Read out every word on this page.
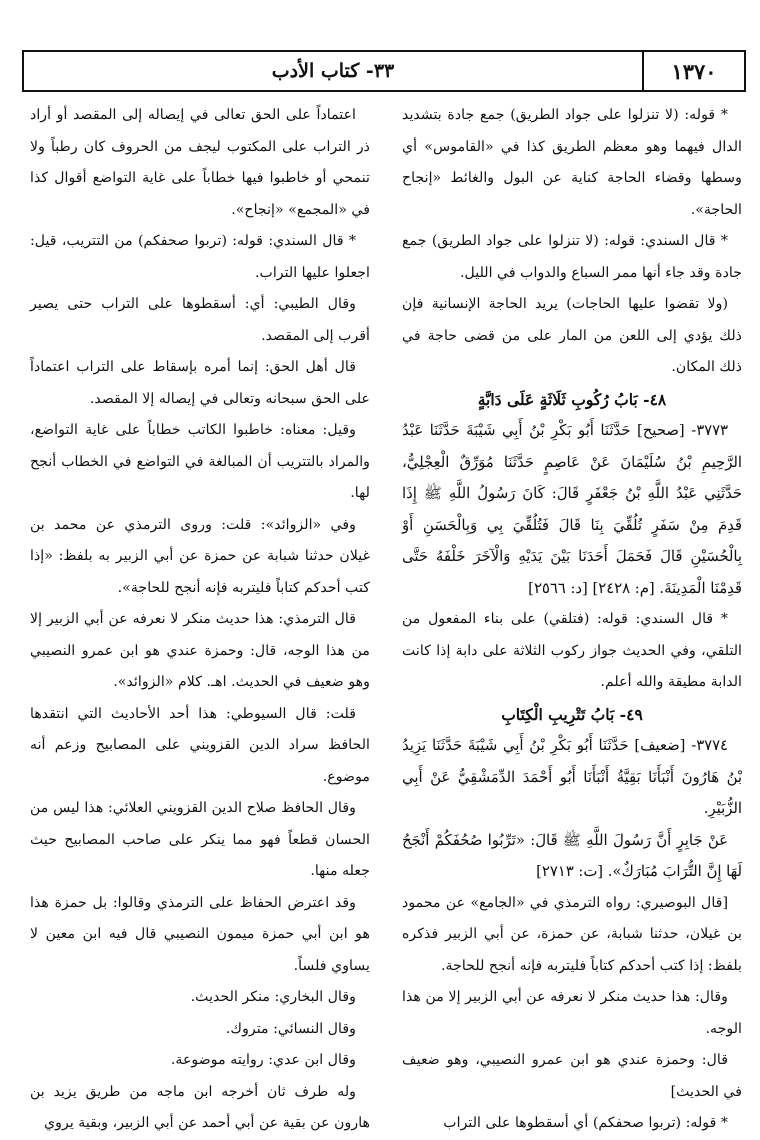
٣٣- كتاب الأدب	١٣٧٠

* قوله: (لا تنزلوا على جواد الطريق) جمع جادة بتشديد الدال فيهما وهو معظم الطريق كذا في «القاموس» أي وسطها وقضاء الحاجة كناية عن البول والغائط «إنجاح الحاجة».

* قال السندي: قوله: (لا تنزلوا على جواد الطريق) جمع جادة وقد جاء أنها ممر السباع والدواب في الليل.

(ولا تقضوا عليها الحاجات) يريد الحاجة الإنسانية فإن ذلك يؤدي إلى اللعن من المار على من قضى حاجة في ذلك المكان.

٤٨- بَابُ رُكُوبِ ثَلَاثَةٍ عَلَى دَابَّةٍ

٣٧٧٣- [صحيح] حَدَّثَنَا أَبُو بَكْرِ بْنُ أَبِي شَيْبَةَ حَدَّثَنَا عَبْدُ الرَّحِيمِ بْنُ سُلَيْمَانَ عَنْ عَاصِمٍ حَدَّثَنَا مُوَرِّقٌ الْعِجْلِيُّ، حَدَّثَنِي عَبْدُ اللَّهِ بْنُ جَعْفَرٍ قَالَ: كَانَ رَسُولُ اللَّهِ ﷺ إِذَا قَدِمَ مِنْ سَفَرٍ تُلُقِّيَ بِنَا قَالَ فَتُلُقِّيَ بِي وَبِالْحَسَنِ أَوْ بِالْحُسَيْنِ قَالَ فَحَمَلَ أَحَدَنَا بَيْنَ يَدَيْهِ وَالْآخَرَ خَلْفَهُ حَتَّى قَدِمْنَا الْمَدِينَةَ. [م: ٢٤٢٨] [د: ٢٥٦٦]

* قال السندي: قوله: (فتلقي) على بناء المفعول من التلقي، وفي الحديث جواز ركوب الثلاثة على دابة إذا كانت الدابة مطيقة والله أعلم.

٤٩- بَابُ تَتْرِيبِ الْكِتَابِ

٣٧٧٤- [ضعيف] حَدَّثَنَا أَبُو بَكْرِ بْنُ أَبِي شَيْبَةَ حَدَّثَنَا يَزِيدُ بْنُ هَارُونَ أَنْبَأَنَا بَقِيَّةُ أَنْبَأَنَا أَبُو أَحْمَدَ الدِّمَشْقِيُّ عَنْ أَبِي الزُّبَيْرِ.

عَنْ جَابِرٍ أَنَّ رَسُولَ اللَّهِ ﷺ قَالَ: «تَرِّبُوا صُحُفَكُمْ أَنْجَحُ لَهَا إِنَّ التُّرَابَ مُبَارَكٌ». [ت: ٢٧١٣]

[قال البوصيري: رواه الترمذي في «الجامع» عن محمود بن غيلان، حدثنا شبابة، عن حمزة، عن أبي الزبير فذكره بلفظ: إذا كتب أحدكم كتاباً فليتربه فإنه أنجح للحاجة.

وقال: هذا حديث منكر لا نعرفه عن أبي الزبير إلا من هذا الوجه.

قال: وحمزة عندي هو ابن عمرو النصيبي، وهو ضعيف في الحديث]

* قوله: (تربوا صحفكم) أي أسقطوها على التراب

اعتماداً على الحق تعالى في إيصاله إلى المقصد أو أراد ذر التراب على المكتوب ليجف من الحروف كان رطباً ولا تنمحي أو خاطبوا فيها خطاباً على غاية التواضع أقوال كذا في «المجمع» «إنجاح».

* قال السندي: قوله: (تربوا صحفكم) من التتريب، قيل: اجعلوا عليها التراب.

وقال الطيبي: أي: أسقطوها على التراب حتى يصير أقرب إلى المقصد.

قال أهل الحق: إنما أمره بإسقاط على التراب اعتماداً على الحق سبحانه وتعالى في إيصاله إلا المقصد.

وقيل: معناه: خاطبوا الكاتب خطاباً على غاية التواضع، والمراد بالتتريب أن المبالغة في التواضع في الخطاب أنجح لها.

وفي «الزوائد»: قلت: وروى الترمذي عن محمد بن غيلان حدثنا شبابة عن حمزة عن أبي الزبير به بلفظ: «إذا كتب أحدكم كتاباً فليتربه فإنه أنجح للحاجة».

قال الترمذي: هذا حديث منكر لا نعرفه عن أبي الزبير إلا من هذا الوجه، قال: وحمزة عندي هو ابن عمرو النصيبي وهو ضعيف في الحديث. اهـ. كلام «الزوائد».

قلت: قال السيوطي: هذا أحد الأحاديث التي انتقدها الحافظ سراد الدين القزويني على المصابيح وزعم أنه موضوع.

وقال الحافظ صلاح الدين القزويني العلائي: هذا ليس من الحسان قطعاً فهو مما ينكر على صاحب المصابيح حيث جعله منها.

وقد اعترض الحفاظ على الترمذي وقالوا: بل حمزة هذا هو ابن أبي حمزة ميمون النصيبي قال فيه ابن معين لا يساوي فلساً.

وقال البخاري: منكر الحديث.

وقال النسائي: متروك.

وقال ابن عدي: روايته موضوعة.

وله طرف ثان أخرجه ابن ماجه من طريق يزيد بن هارون عن بقية عن أبي أحمد عن أبي الزبير، وبقية يروي
